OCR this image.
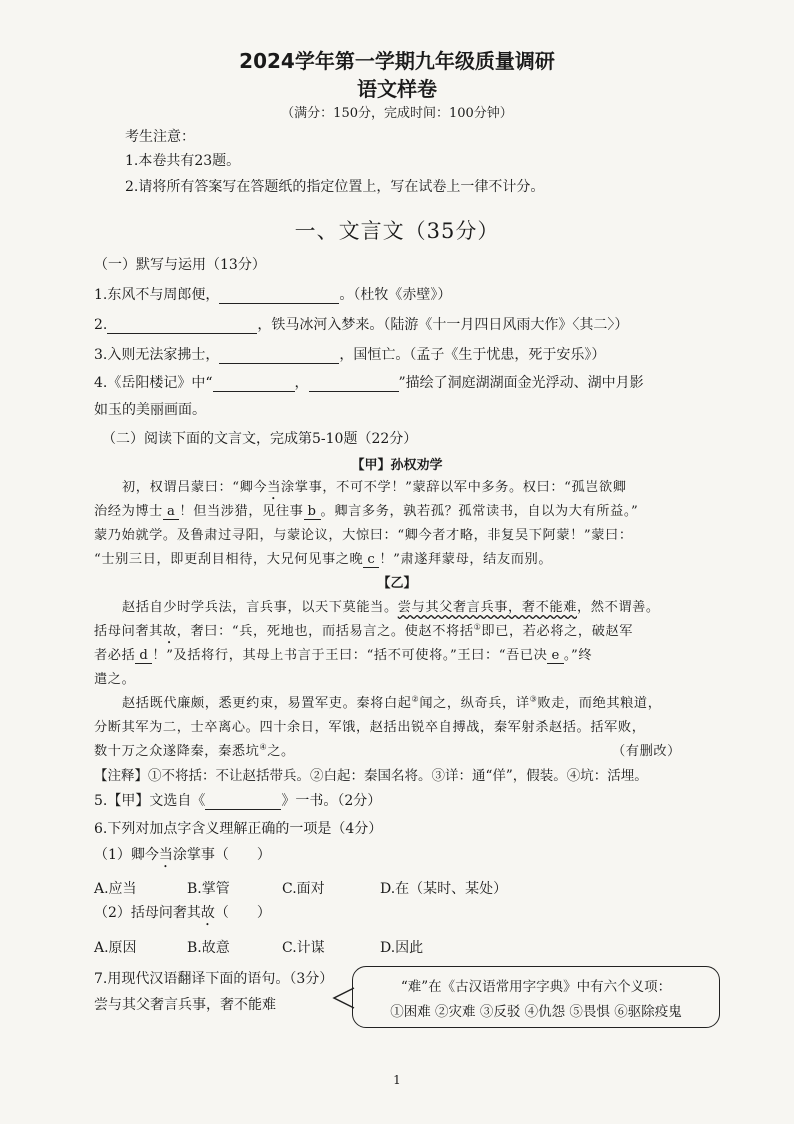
2024学年第一学期九年级质量调研
语文样卷
（满分：150分，完成时间：100分钟）
考生注意：
1.本卷共有23题。
2.请将所有答案写在答题纸的指定位置上，写在试卷上一律不计分。
一、文言文（35分）
（一）默写与运用（13分）
1.东风不与周郎便，	。（杜牧《赤壁》）
2.	，铁马冰河入梦来。（陆游《十一月四日风雨大作》〈其二〉）
3.入则无法家拂士，	，国恒亡。（孟子《生于忧患，死于安乐》）
4.《岳阳楼记》中“	，	”描绘了洞庭湖湖面金光浮动、湖中月影
如玉的美丽画面。
（二）阅读下面的文言文，完成第5-10题（22分）
【甲】孙权劝学
初，权谓吕蒙曰：“卿今当涂掌事，不可不学！”蒙辞以军中多务。权曰：“孤岂欲卿
治经为博士 a ！但当涉猎，见往事 b 。卿言多务，孰若孤？孤常读书，自以为大有所益。”
蒙乃始就学。及鲁肃过寻阳，与蒙论议，大惊曰：“卿今者才略，非复吴下阿蒙！”蒙曰：
“士别三日，即更刮目相待，大兄何见事之晚 c ！”肃遂拜蒙母，结友而别。
【乙】
赵括自少时学兵法，言兵事，以天下莫能当。尝与其父奢言兵事，奢不能难，然不谓善。
括母问奢其故，奢曰：“兵，死地也，而括易言之。使赵不将括①即已，若必将之，破赵军
者必括 d ！”及括将行，其母上书言于王曰：“括不可使将。”王曰：“吾已决 e 。”终
遣之。
赵括既代廉颇，悉更约束，易置军吏。秦将白起②闻之，纵奇兵，详③败走，而绝其粮道，
分断其军为二，士卒离心。四十余日，军饿，赵括出锐卒自搏战，秦军射杀赵括。括军败，
数十万之众遂降秦，秦悉坑④之。	（有删改）
【注释】①不将括：不让赵括带兵。②白起：秦国名将。③详：通“佯”，假装。④坑：活埋。
5.【甲】文选自《	》一书。（2分）
6.下列对加点字含义理解正确的一项是（4分）
（1）卿今当涂掌事（　　）
A.应当	B.掌管	C.面对	D.在（某时、某处）
（2）括母问奢其故（　　）
A.原因	B.故意	C.计谋	D.因此
7.用现代汉语翻译下面的语句。（3分）
尝与其父奢言兵事，奢不能难
“难”在《古汉语常用字字典》中有六个义项：
①困难 ②灾难 ③反驳 ④仇怨 ⑤畏惧 ⑥驱除疫鬼
1
